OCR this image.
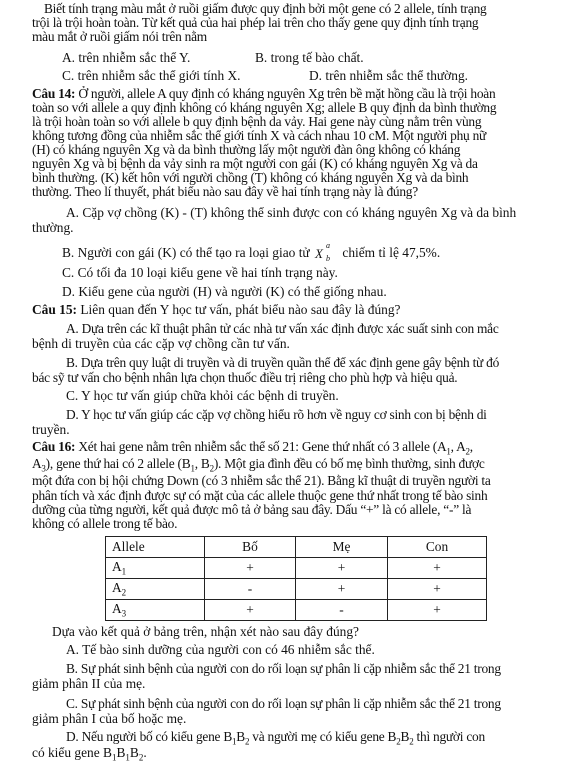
Biết tính trạng màu mắt ở ruồi giấm được quy định bởi một gene có 2 allele, tính trạng
trội là trội hoàn toàn. Từ kết quả của hai phép lai trên cho thấy gene quy định tính trạng
màu mắt ở ruồi giấm nói trên nằm
A. trên nhiễm sắc thể Y.	B. trong tế bào chất.
C. trên nhiễm sắc thể giới tính X.	D. trên nhiễm sắc thể thường.
Câu 14: Ở người, allele A quy định có kháng nguyên Xg trên bề mặt hồng cầu là trội hoàn
toàn so với allele a quy định không có kháng nguyên Xg; allele B quy định da bình thường
là trội hoàn toàn so với allele b quy định bệnh da vảy. Hai gene này cùng nằm trên vùng
không tương đồng của nhiễm sắc thể giới tính X và cách nhau 10 cM. Một người phụ nữ
(H) có kháng nguyên Xg và da bình thường lấy một người đàn ông không có kháng
nguyên Xg và bị bệnh da vảy sinh ra một người con gái (K) có kháng nguyên Xg và da
bình thường. (K) kết hôn với người chồng (T) không có kháng nguyên Xg và da bình
thường. Theo lí thuyết, phát biểu nào sau đây về hai tính trạng này là đúng?
A. Cặp vợ chồng (K) - (T) không thể sinh được con có kháng nguyên Xg và da bình
thường.
B. Người con gái (K) có thể tạo ra loại giao tử X
a
b chiếm tỉ lệ 47,5%.
C. Có tối đa 10 loại kiểu gene về hai tính trạng này.
D. Kiểu gene của người (H) và người (K) có thể giống nhau.
Câu 15: Liên quan đến Y học tư vấn, phát biểu nào sau đây là đúng?
A. Dựa trên các kĩ thuật phân tử các nhà tư vấn xác định được xác suất sinh con mắc
bệnh di truyền của các cặp vợ chồng cần tư vấn.
B. Dựa trên quy luật di truyền và di truyền quần thể để xác định gene gây bệnh từ đó
bác sỹ tư vấn cho bệnh nhân lựa chọn thuốc điều trị riêng cho phù hợp và hiệu quả.
C. Y học tư vấn giúp chữa khỏi các bệnh di truyền.
D. Y học tư vấn giúp các cặp vợ chồng hiểu rõ hơn về nguy cơ sinh con bị bệnh di
truyền.
Câu 16: Xét hai gene nằm trên nhiễm sắc thể số 21: Gene thứ nhất có 3 allele ($A_1$, $A_2$,
$A_3$), gene thứ hai có 2 allele ($B_1$, $B_2$). Một gia đình đều có bố mẹ bình thường, sinh được
một đứa con bị hội chứng Down (có 3 nhiễm sắc thể 21). Bằng kĩ thuật di truyền người ta
phân tích và xác định được sự có mặt của các allele thuộc gene thứ nhất trong tế bào sinh
dưỡng của từng người, kết quả được mô tả ở bảng sau đây. Dấu “+” là có allele, “-” là
không có allele trong tế bào.
Allele	Bố	Mẹ	Con
$A_1$	+	+	+
$A_2$	-	+	+
$A_3$	+	-	+
Dựa vào kết quả ở bảng trên, nhận xét nào sau đây đúng?
A. Tế bào sinh dưỡng của người con có 46 nhiễm sắc thể.
B. Sự phát sinh bệnh của người con do rối loạn sự phân li cặp nhiễm sắc thể 21 trong
giảm phân II của mẹ.
C. Sự phát sinh bệnh của người con do rối loạn sự phân li cặp nhiễm sắc thể 21 trong
giảm phân I của bố hoặc mẹ.
D. Nếu người bố có kiểu gene $B_1B_2$ và người mẹ có kiểu gene $B_2B_2$ thì người con
có kiểu gene $B_1B_1B_2$.
